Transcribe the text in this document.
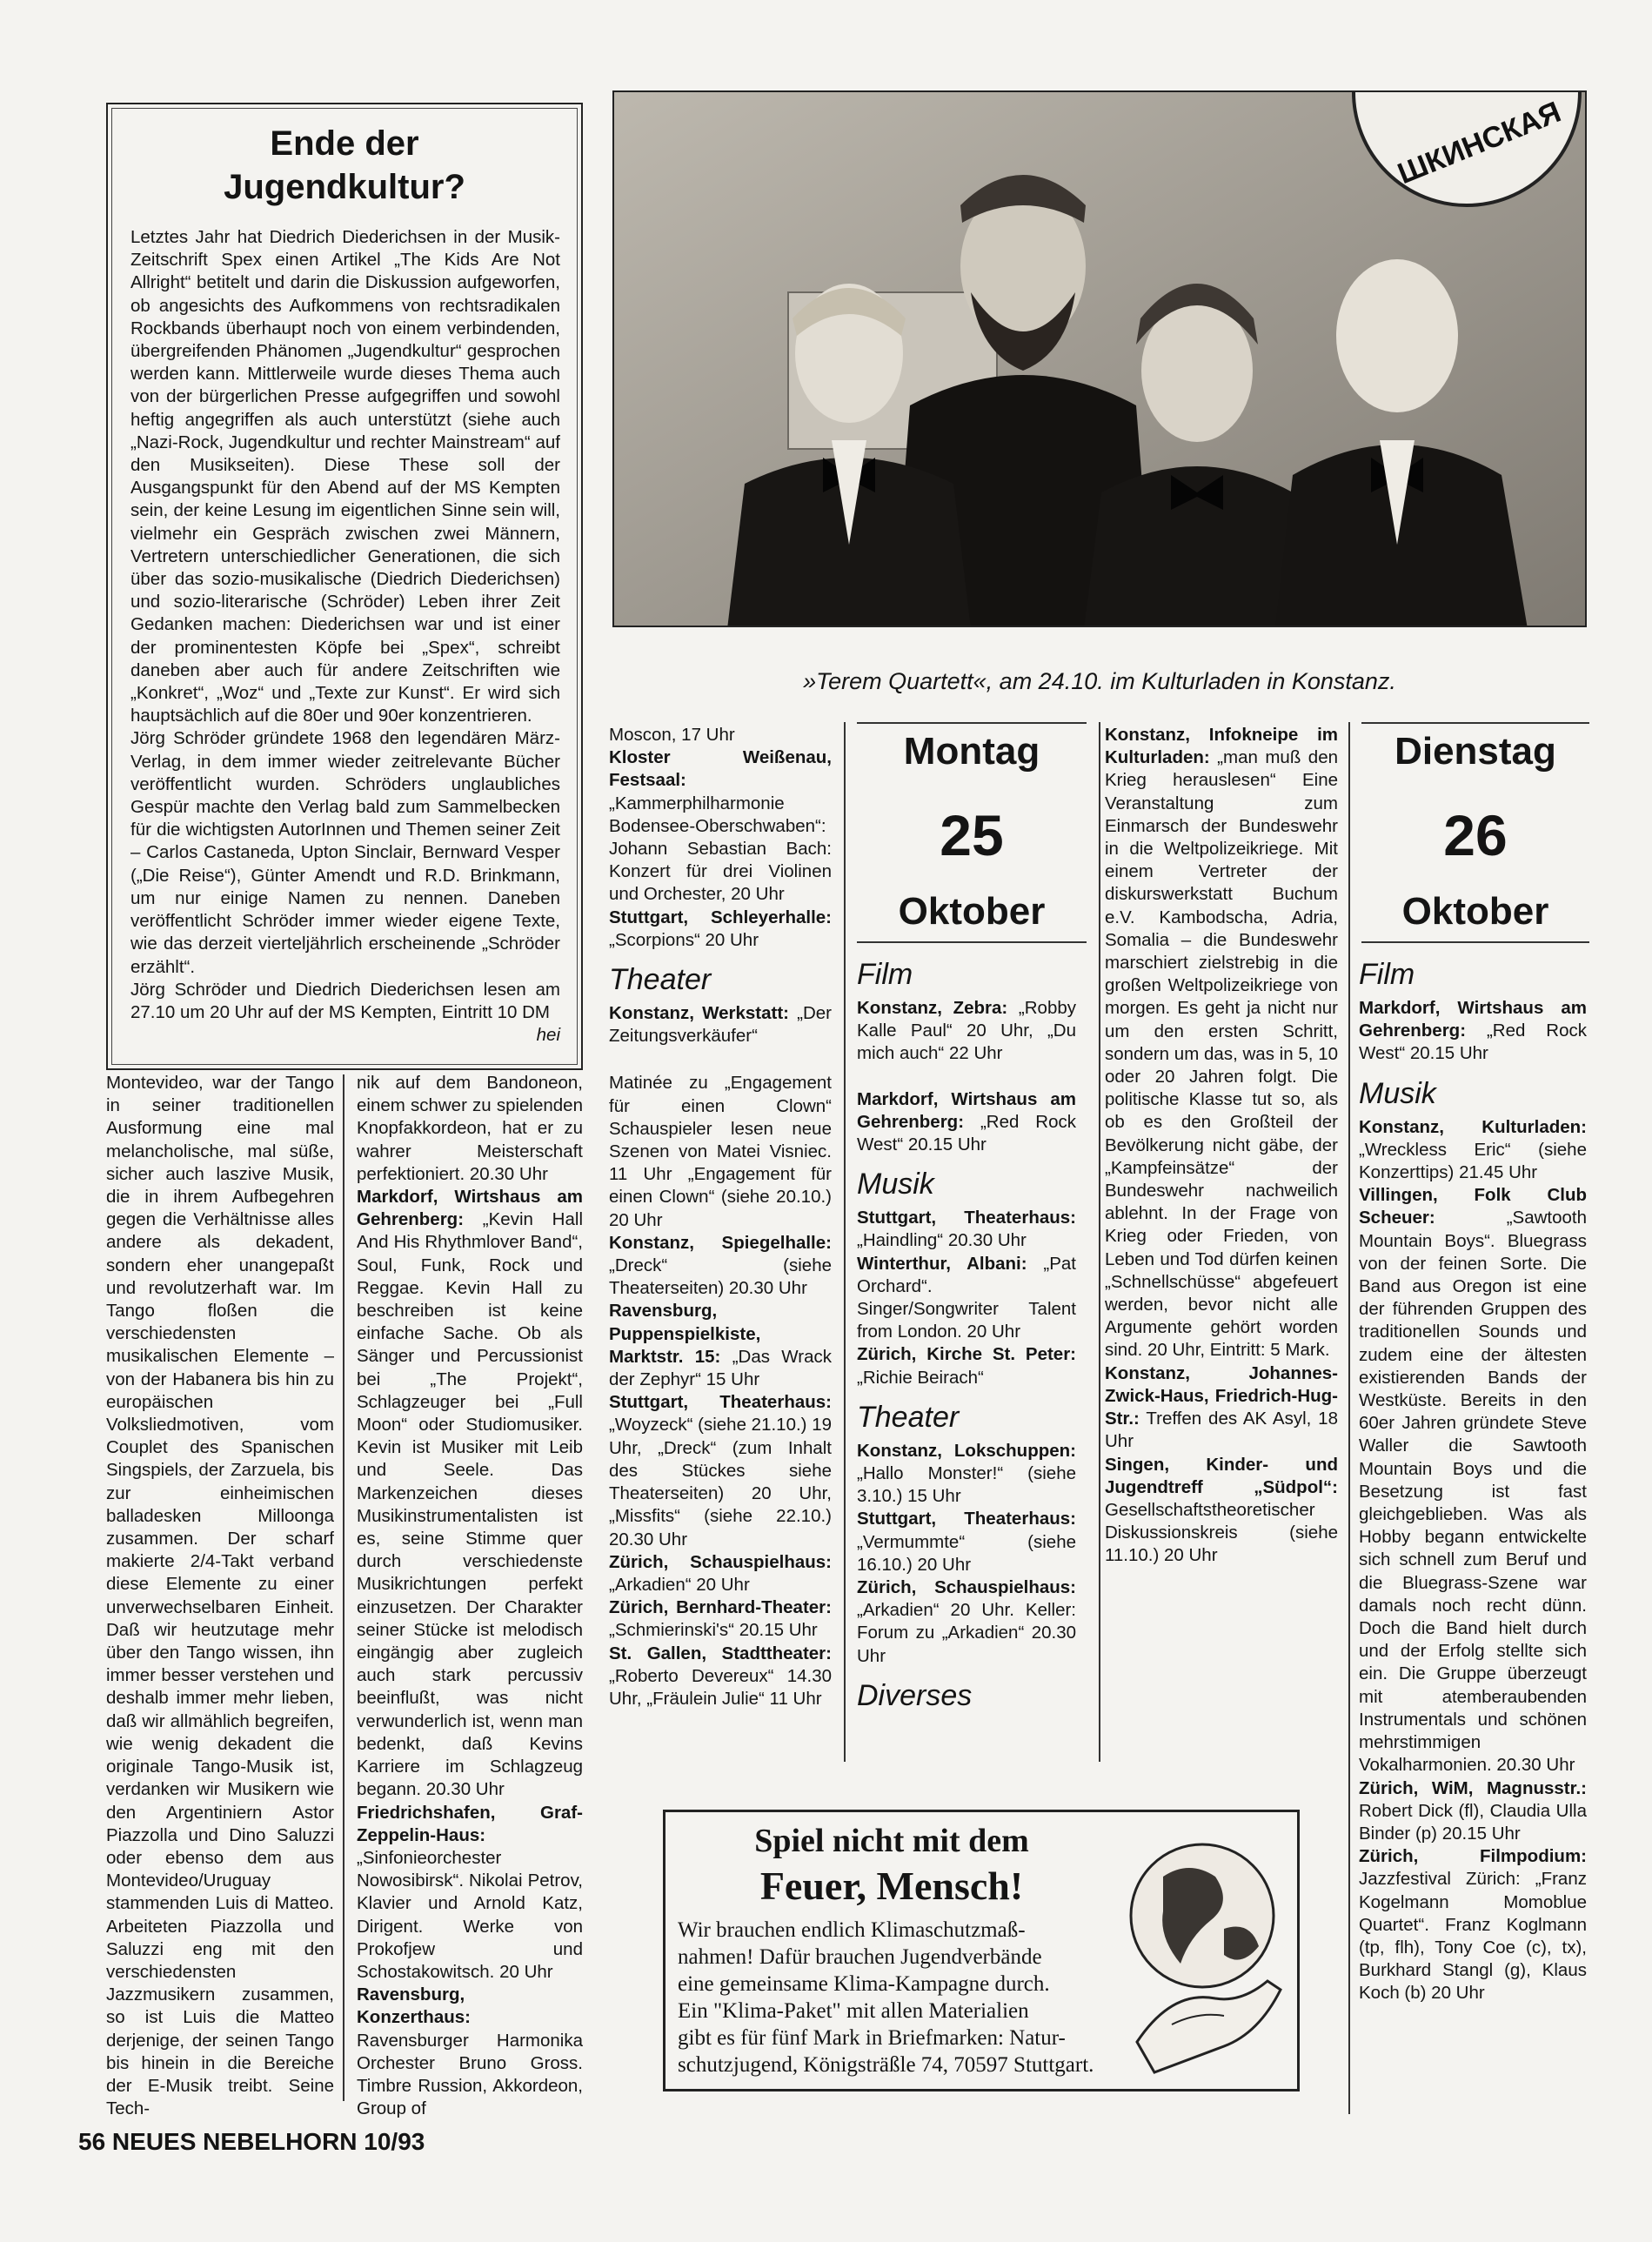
Ende der
Jugendkultur?

Letztes Jahr hat Diedrich Diederichsen in der Musik-Zeitschrift Spex einen Artikel „The Kids Are Not Allright“ betitelt und darin die Diskussion aufgeworfen, ob angesichts des Aufkommens von rechtsradikalen Rockbands überhaupt noch von einem verbindenden, übergreifenden Phänomen „Jugendkultur“ gesprochen werden kann. Mittlerweile wurde dieses Thema auch von der bürgerlichen Presse aufgegriffen und sowohl heftig angegriffen als auch unterstützt (siehe auch „Nazi-Rock, Jugendkultur und rechter Mainstream“ auf den Musikseiten). Diese These soll der Ausgangspunkt für den Abend auf der MS Kempten sein, der keine Lesung im eigentlichen Sinne sein will, vielmehr ein Gespräch zwischen zwei Männern, Vertretern unterschiedlicher Generationen, die sich über das sozio-musikalische (Diedrich Diederichsen) und sozio-literarische (Schröder) Leben ihrer Zeit Gedanken machen: Diederichsen war und ist einer der prominentesten Köpfe bei „Spex“, schreibt daneben aber auch für andere Zeitschriften wie „Konkret“, „Woz“ und „Texte zur Kunst“. Er wird sich hauptsächlich auf die 80er und 90er konzentrieren.

Jörg Schröder gründete 1968 den legendären März-Verlag, in dem immer wieder zeitrelevante Bücher veröffentlicht wurden. Schröders unglaubliches Gespür machte den Verlag bald zum Sammelbecken für die wichtigsten AutorInnen und Themen seiner Zeit – Carlos Castaneda, Upton Sinclair, Bernward Vesper („Die Reise“), Günter Amendt und R.D. Brinkmann, um nur einige Namen zu nennen. Daneben veröffentlicht Schröder immer wieder eigene Texte, wie das derzeit vierteljährlich erscheinende „Schröder erzählt“.

Jörg Schröder und Diedrich Diederichsen lesen am 27.10 um 20 Uhr auf der MS Kempten, Eintritt 10 DM

hei

ШКИНСКАЯ
»Terem Quartett«, am 24.10. im Kulturladen in Konstanz.

Montevideo, war der Tango in seiner traditionellen Ausformung eine mal melancholische, mal süße, sicher auch laszive Musik, die in ihrem Aufbegehren gegen die Verhältnisse alles andere als dekadent, sondern eher unangepaßt und revolutzerhaft war. Im Tango floßen die verschiedensten musikalischen Elemente – von der Habanera bis hin zu europäischen Volksliedmotiven, vom Couplet des Spanischen Singspiels, der Zarzuela, bis zur einheimischen balladesken Milloonga zusammen. Der scharf makierte 2/4-Takt verband diese Elemente zu einer unverwechselbaren Einheit. Daß wir heutzutage mehr über den Tango wissen, ihn immer besser verstehen und deshalb immer mehr lieben, daß wir allmählich begreifen, wie wenig dekadent die originale Tango-Musik ist, verdanken wir Musikern wie den Argentiniern Astor Piazzolla und Dino Saluzzi oder ebenso dem aus Montevideo/Uruguay stammenden Luis di Matteo. Arbeiteten Piazzolla und Saluzzi eng mit den verschiedensten Jazzmusikern zusammen, so ist Luis die Matteo derjenige, der seinen Tango bis hinein in die Bereiche der E-Musik treibt. Seine Tech-

nik auf dem Bandoneon, einem schwer zu spielenden Knopfakkordeon, hat er zu wahrer Meisterschaft perfektioniert. 20.30 Uhr

Markdorf, Wirtshaus am Gehrenberg: „Kevin Hall And His Rhythmlover Band“, Soul, Funk, Rock und Reggae. Kevin Hall zu beschreiben ist keine einfache Sache. Ob als Sänger und Percussionist bei „The Projekt“, Schlagzeuger bei „Full Moon“ oder Studiomusiker. Kevin ist Musiker mit Leib und Seele. Das Markenzeichen dieses Musikinstrumentalisten ist es, seine Stimme quer durch verschiedenste Musikrichtungen perfekt einzusetzen. Der Charakter seiner Stücke ist melodisch eingängig aber zugleich auch stark percussiv beeinflußt, was nicht verwunderlich ist, wenn man bedenkt, daß Kevins Karriere im Schlagzeug begann. 20.30 Uhr

Friedrichshafen, Graf-Zeppelin-Haus: „Sinfonieorchester Nowosibirsk“. Nikolai Petrov, Klavier und Arnold Katz, Dirigent. Werke von Prokofjew und Schostakowitsch. 20 Uhr

Ravensburg, Konzerthaus: Ravensburger Harmonika Orchester Bruno Gross. Timbre Russion, Akkordeon, Group of

Moscon, 17 Uhr

Kloster Weißenau, Festsaal: „Kammerphilharmonie Bodensee-Oberschwaben“: Johann Sebastian Bach: Konzert für drei Violinen und Orchester, 20 Uhr

Stuttgart, Schleyerhalle: „Scorpions“ 20 Uhr

Theater

Konstanz, Werkstatt: „Der Zeitungsverkäufer“

Matinée zu „Engagement für einen Clown“ Schauspieler lesen neue Szenen von Matei Visniec. 11 Uhr „Engagement für einen Clown“ (siehe 20.10.) 20 Uhr

Konstanz, Spiegelhalle: „Dreck“ (siehe Theaterseiten) 20.30 Uhr

Ravensburg, Puppenspielkiste, Marktstr. 15: „Das Wrack der Zephyr“ 15 Uhr

Stuttgart, Theaterhaus: „Woyzeck“ (siehe 21.10.) 19 Uhr, „Dreck“ (zum Inhalt des Stückes siehe Theaterseiten) 20 Uhr, „Missfits“ (siehe 22.10.) 20.30 Uhr

Zürich, Schauspielhaus: „Arkadien“ 20 Uhr

Zürich, Bernhard-Theater: „Schmierinski's“ 20.15 Uhr

St. Gallen, Stadttheater: „Roberto Devereux“ 14.30 Uhr, „Fräulein Julie“ 11 Uhr

Montag
25
Oktober
Film

Konstanz, Zebra: „Robby Kalle Paul“ 20 Uhr, „Du mich auch“ 22 Uhr

Markdorf, Wirtshaus am Gehrenberg: „Red Rock West“ 20.15 Uhr

Musik

Stuttgart, Theaterhaus: „Haindling“ 20.30 Uhr

Winterthur, Albani: „Pat Orchard“. Singer/Songwriter Talent from London. 20 Uhr

Zürich, Kirche St. Peter: „Richie Beirach“

Theater

Konstanz, Lokschuppen: „Hallo Monster!“ (siehe 3.10.) 15 Uhr

Stuttgart, Theaterhaus: „Vermummte“ (siehe 16.10.) 20 Uhr

Zürich, Schauspielhaus: „Arkadien“ 20 Uhr. Keller: Forum zu „Arkadien“ 20.30 Uhr

Diverses

Konstanz, Infokneipe im Kulturladen: „man muß den Krieg herauslesen“ Eine Veranstaltung zum Einmarsch der Bundeswehr in die Weltpolizeikriege. Mit einem Vertreter der diskurswerkstatt Buchum e.V. Kambodscha, Adria, Somalia – die Bundeswehr marschiert zielstrebig in die großen Weltpolizeikriege von morgen. Es geht ja nicht nur um den ersten Schritt, sondern um das, was in 5, 10 oder 20 Jahren folgt. Die politische Klasse tut so, als ob es den Großteil der Bevölkerung nicht gäbe, der „Kampfeinsätze“ der Bundeswehr nachweilich ablehnt. In der Frage von Krieg oder Frieden, von Leben und Tod dürfen keinen „Schnellschüsse“ abgefeuert werden, bevor nicht alle Argumente gehört worden sind. 20 Uhr, Eintritt: 5 Mark.

Konstanz, Johannes-Zwick-Haus, Friedrich-Hug-Str.: Treffen des AK Asyl, 18 Uhr

Singen, Kinder- und Jugendtreff „Südpol“: Gesellschaftstheoretischer Diskussionskreis (siehe 11.10.) 20 Uhr

Dienstag
26
Oktober
Film

Markdorf, Wirtshaus am Gehrenberg: „Red Rock West“ 20.15 Uhr

Musik

Konstanz, Kulturladen: „Wreckless Eric“ (siehe Konzerttips) 21.45 Uhr

Villingen, Folk Club Scheuer: „Sawtooth Mountain Boys“. Bluegrass von der feinen Sorte. Die Band aus Oregon ist eine der führenden Gruppen des traditionellen Sounds und zudem eine der ältesten existierenden Bands der Westküste. Bereits in den 60er Jahren gründete Steve Waller die Sawtooth Mountain Boys und die Besetzung ist fast gleichgeblieben. Was als Hobby begann entwickelte sich schnell zum Beruf und die Bluegrass-Szene war damals noch recht dünn. Doch die Band hielt durch und der Erfolg stellte sich ein. Die Gruppe überzeugt mit atemberaubenden Instrumentals und schönen mehrstimmigen Vokalharmonien. 20.30 Uhr

Zürich, WiM, Magnusstr.: Robert Dick (fl), Claudia Ulla Binder (p) 20.15 Uhr

Zürich, Filmpodium: Jazzfestival Zürich: „Franz Kogelmann Momoblue Quartet“. Franz Koglmann (tp, flh), Tony Coe (c), tx), Burkhard Stangl (g), Klaus Koch (b) 20 Uhr

Spiel nicht mit dem
Feuer, Mensch!
Wir brauchen endlich Klimaschutzmaß-
nahmen! Dafür brauchen Jugendverbände
eine gemeinsame Klima-Kampagne durch.
Ein "Klima-Paket" mit allen Materialien
gibt es für fünf Mark in Briefmarken: Natur-
schutzjugend, Königsträßle 74, 70597 Stuttgart.
56 NEUES NEBELHORN 10/93
